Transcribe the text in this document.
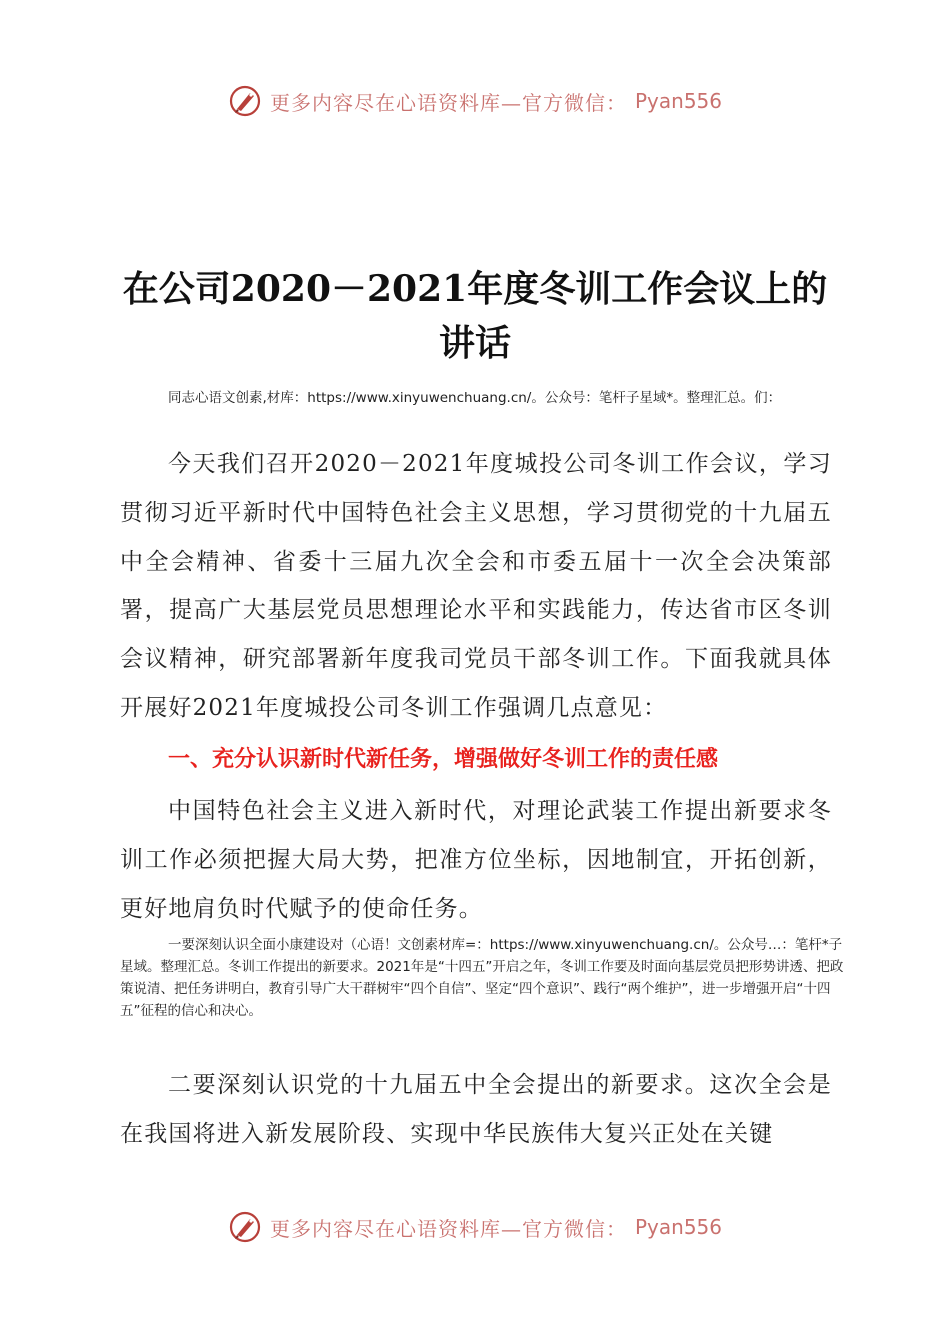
更多内容尽在心语资料库—官方微信： Pyan556
在公司2020－2021年度冬训工作会议上的讲话

同志心语文创素,材库：https://www.xinyuwenchuang.cn/。公众号：笔杆子星域*。整理汇总。们：

今天我们召开2020－2021年度城投公司冬训工作会议，学习贯彻习近平新时代中国特色社会主义思想，学习贯彻党的十九届五中全会精神、省委十三届九次全会和市委五届十一次全会决策部署，提高广大基层党员思想理论水平和实践能力，传达省市区冬训会议精神，研究部署新年度我司党员干部冬训工作。下面我就具体开展好2021年度城投公司冬训工作强调几点意见：

一、充分认识新时代新任务，增强做好冬训工作的责任感

中国特色社会主义进入新时代，对理论武装工作提出新要求冬训工作必须把握大局大势，把准方位坐标，因地制宜，开拓创新，更好地肩负时代赋予的使命任务。

一要深刻认识全面小康建设对（心语！文创素材库=：https://www.xinyuwenchuang.cn/。公众号…：笔杆*子星域。整理汇总。冬训工作提出的新要求。2021年是“十四五”开启之年，冬训工作要及时面向基层党员把形势讲透、把政策说清、把任务讲明白，教育引导广大干群树牢“四个自信”、坚定“四个意识”、践行“两个维护”，进一步增强开启“十四五”征程的信心和决心。

二要深刻认识党的十九届五中全会提出的新要求。这次全会是在我国将进入新发展阶段、实现中华民族伟大复兴正处在关键

更多内容尽在心语资料库—官方微信： Pyan556
